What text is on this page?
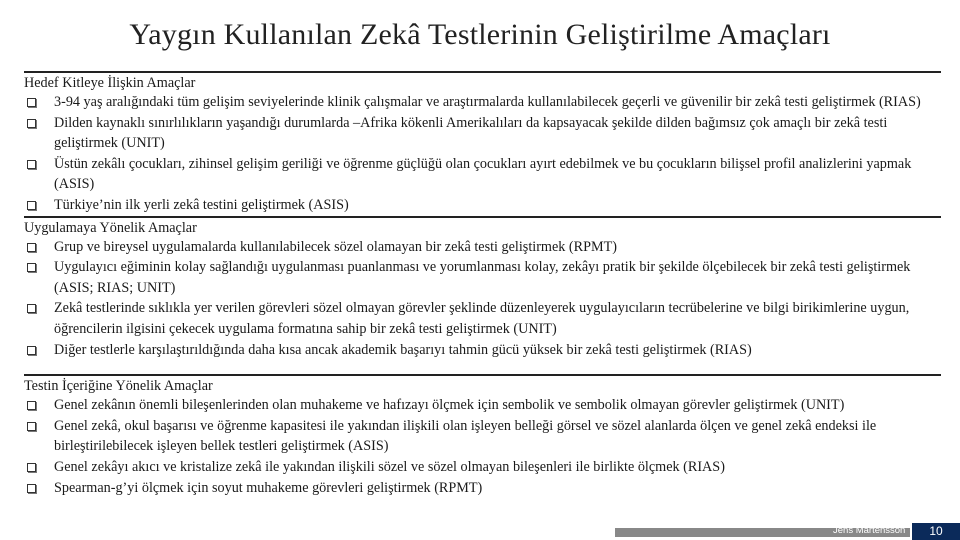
Yaygın Kullanılan Zekâ Testlerinin Geliştirilme Amaçları
Hedef Kitleye İlişkin Amaçlar
3-94 yaş aralığındaki tüm gelişim seviyelerinde klinik çalışmalar ve araştırmalarda kullanılabilecek geçerli ve güvenilir bir zekâ testi geliştirmek (RIAS)
Dilden kaynaklı sınırlılıkların yaşandığı durumlarda –Afrika kökenli Amerikalıları da kapsayacak şekilde dilden bağımsız çok amaçlı bir zekâ testi geliştirmek (UNIT)
Üstün zekâlı çocukları, zihinsel gelişim geriliği ve öğrenme güçlüğü olan çocukları ayırt edebilmek ve bu çocukların bilişsel profil analizlerini yapmak (ASIS)
Türkiye’nin ilk yerli zekâ testini geliştirmek (ASIS)
Uygulamaya Yönelik Amaçlar
Grup ve bireysel uygulamalarda kullanılabilecek sözel olamayan bir zekâ testi geliştirmek (RPMT)
Uygulayıcı eğiminin kolay sağlandığı uygulanması puanlanması ve yorumlanması kolay, zekâyı pratik bir şekilde ölçebilecek bir zekâ testi geliştirmek (ASIS; RIAS; UNIT)
Zekâ testlerinde sıklıkla yer verilen görevleri sözel olmayan görevler şeklinde düzenleyerek uygulayıcıların tecrübelerine ve bilgi birikimlerine uygun, öğrencilerin ilgisini çekecek uygulama formatına sahip bir zekâ testi geliştirmek (UNIT)
Diğer testlerle karşılaştırıldığında daha kısa ancak akademik başarıyı tahmin gücü yüksek bir zekâ testi geliştirmek (RIAS)
Testin İçeriğine Yönelik Amaçlar
Genel zekânın önemli bileşenlerinden olan muhakeme ve hafızayı ölçmek için sembolik ve sembolik olmayan görevler geliştirmek (UNIT)
Genel zekâ, okul başarısı ve öğrenme kapasitesi ile yakından ilişkili olan işleyen belleği görsel ve sözel alanlarda ölçen ve genel zekâ endeksi ile birleştirilebilecek işleyen bellek testleri geliştirmek (ASIS)
Genel zekâyı akıcı ve kristalize zekâ ile yakından ilişkili sözel ve sözel olmayan bileşenleri ile birlikte ölçmek (RIAS)
Spearman-g’yi ölçmek için soyut muhakeme görevleri geliştirmek (RPMT)
Jens Martensson	10
